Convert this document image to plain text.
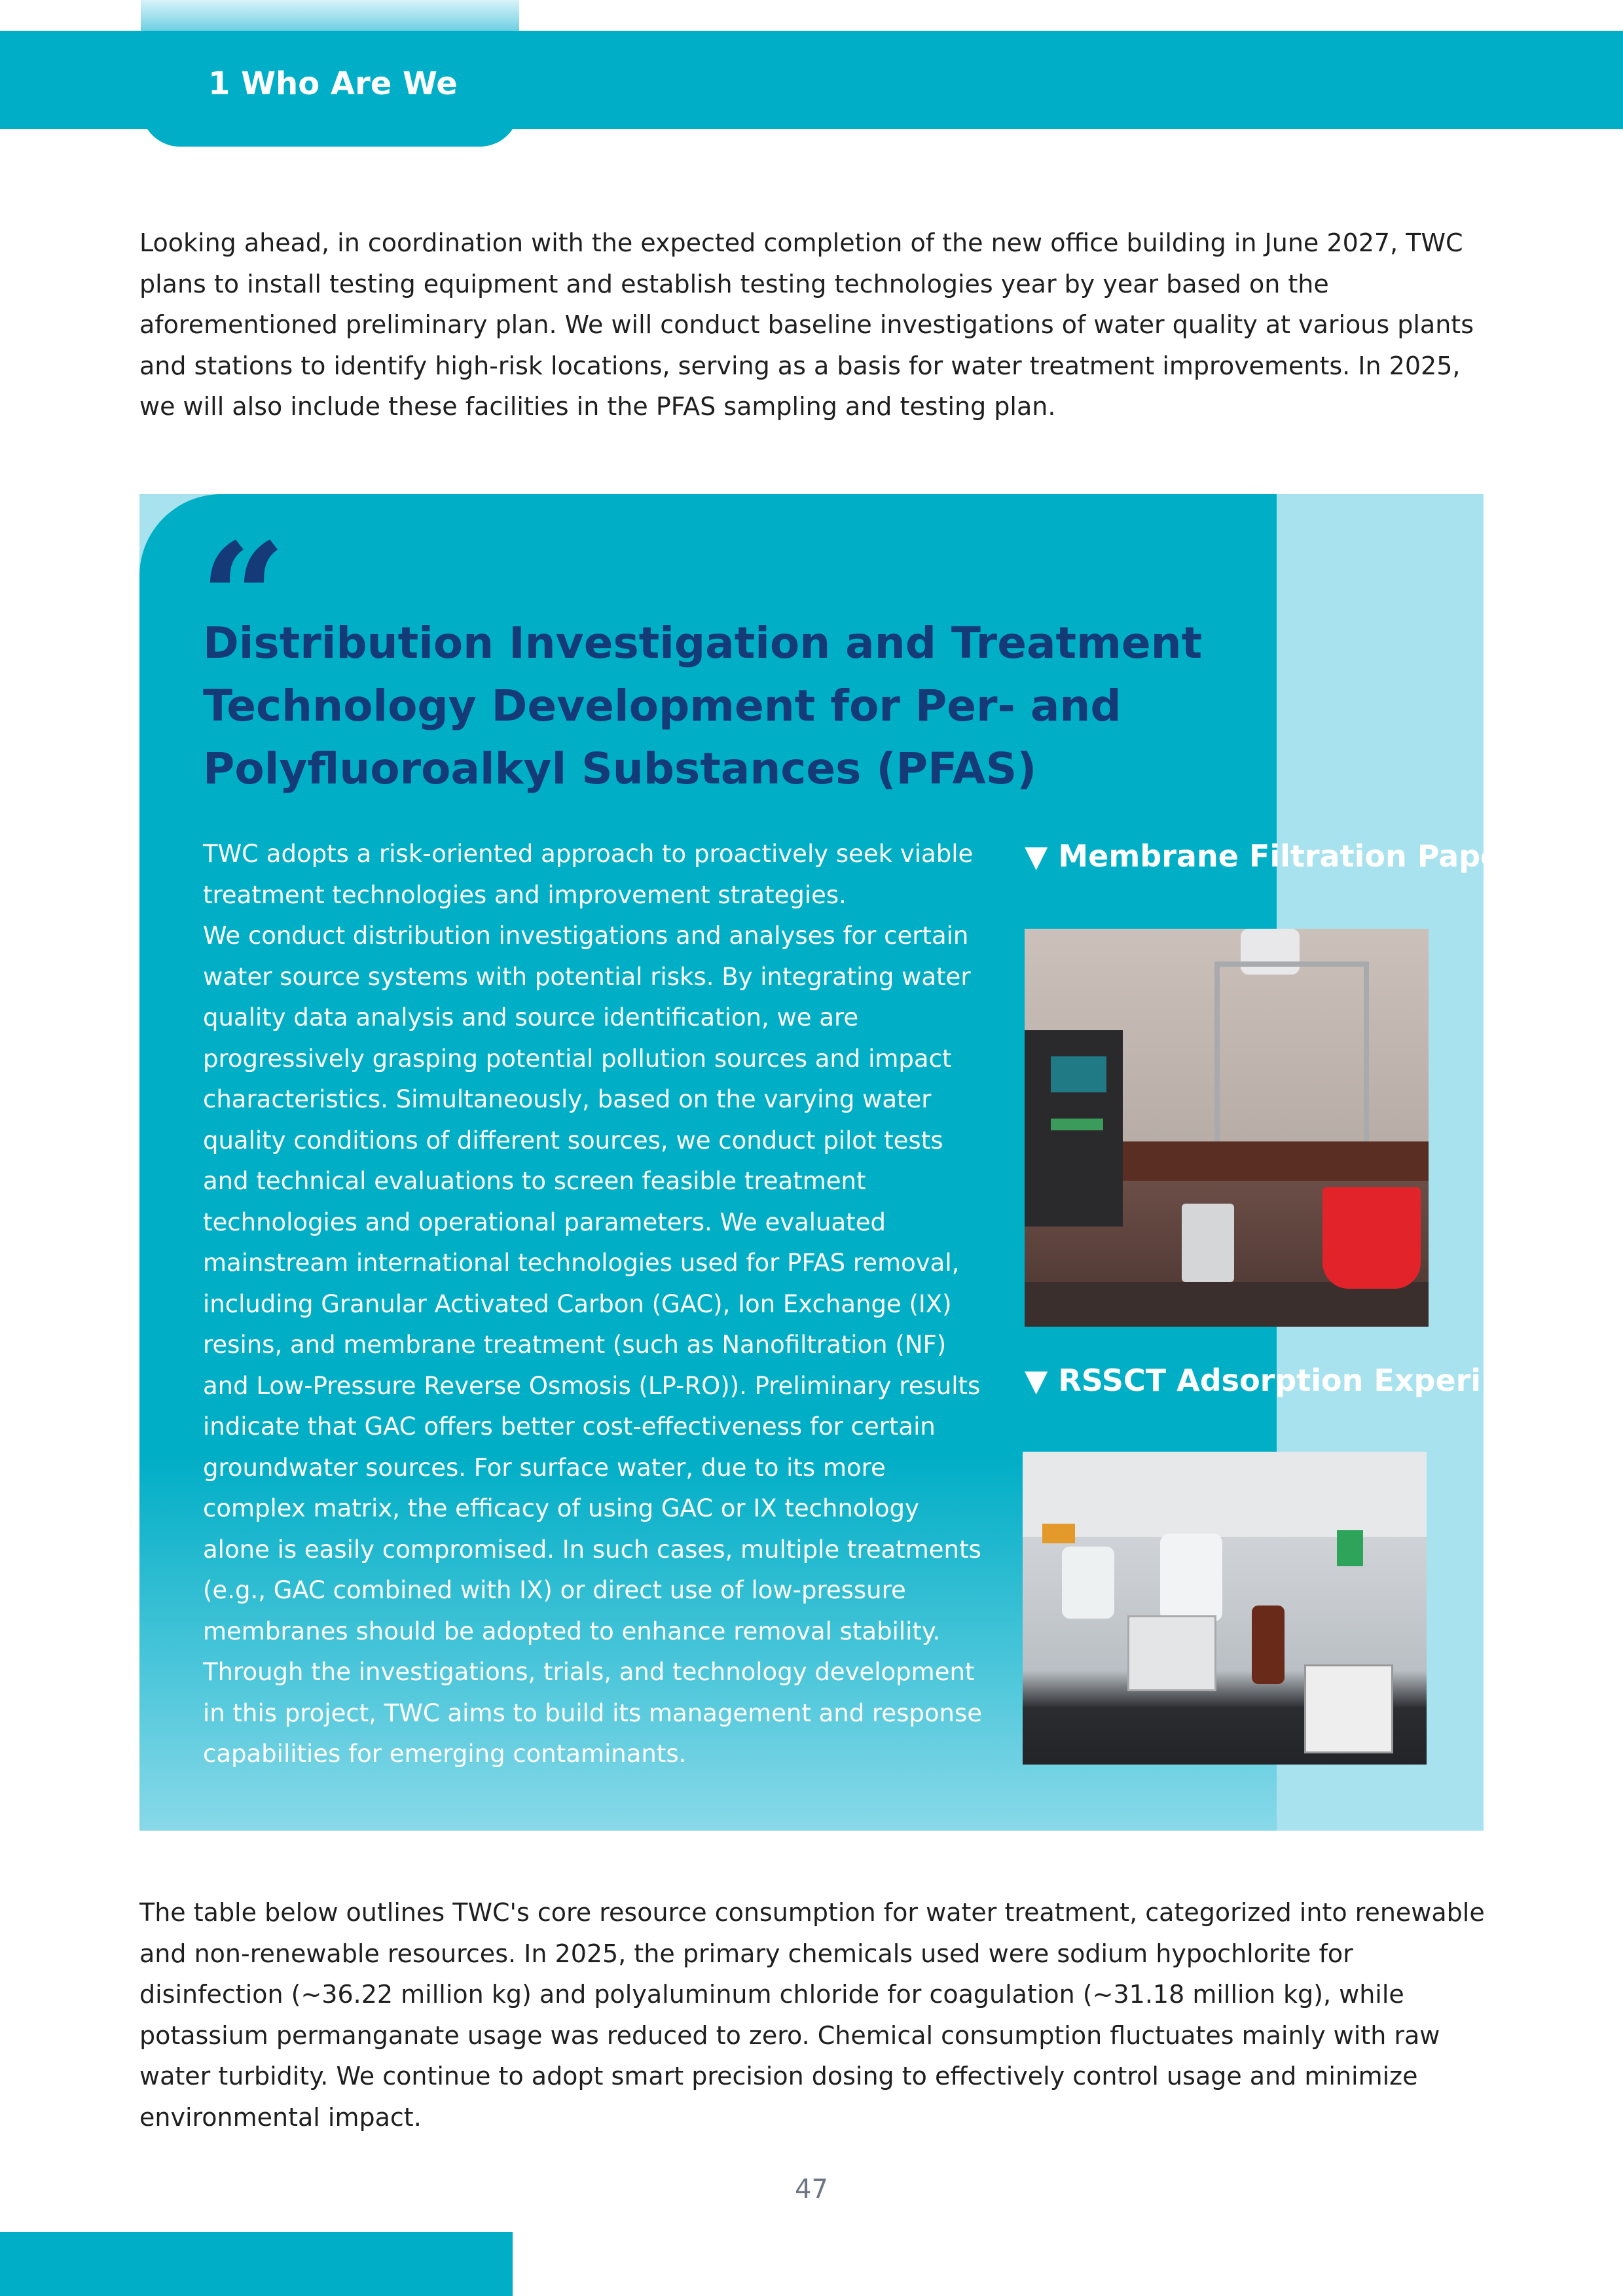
1 Who Are We

Looking ahead, in coordination with the expected completion of the new office building in June 2027, TWC plans to install testing equipment and establish testing technologies year by year based on the aforementioned preliminary plan. We will conduct baseline investigations of water quality at various plants and stations to identify high-risk locations, serving as a basis for water treatment improvements. In 2025, we will also include these facilities in the PFAS sampling and testing plan.

“
Distribution Investigation and Treatment Technology Development for Per- and Polyfluoroalkyl Substances (PFAS)
TWC adopts a risk-oriented approach to proactively seek viable treatment technologies and improvement strategies.
We conduct distribution investigations and analyses for certain water source systems with potential risks. By integrating water quality data analysis and source identification, we are progressively grasping potential pollution sources and impact characteristics. Simultaneously, based on the varying water quality conditions of different sources, we conduct pilot tests and technical evaluations to screen feasible treatment technologies and operational parameters. We evaluated mainstream international technologies used for PFAS removal, including Granular Activated Carbon (GAC), Ion Exchange (IX) resins, and membrane treatment (such as Nanofiltration (NF) and Low-Pressure Reverse Osmosis (LP-RO)). Preliminary results indicate that GAC offers better cost-effectiveness for certain groundwater sources. For surface water, due to its more complex matrix, the efficacy of using GAC or IX technology alone is easily compromised. In such cases, multiple treatments (e.g., GAC combined with IX) or direct use of low-pressure membranes should be adopted to enhance removal stability. Through the investigations, trials, and technology development in this project, TWC aims to build its management and response capabilities for emerging contaminants.

▼ Membrane Filtration Paper Test

▼ RSSCT Adsorption Experiment

The table below outlines TWC's core resource consumption for water treatment, categorized into renewable and non-renewable resources. In 2025, the primary chemicals used were sodium hypochlorite for disinfection (~36.22 million kg) and polyaluminum chloride for coagulation (~31.18 million kg), while potassium permanganate usage was reduced to zero. Chemical consumption fluctuates mainly with raw water turbidity. We continue to adopt smart precision dosing to effectively control usage and minimize environmental impact.

47
